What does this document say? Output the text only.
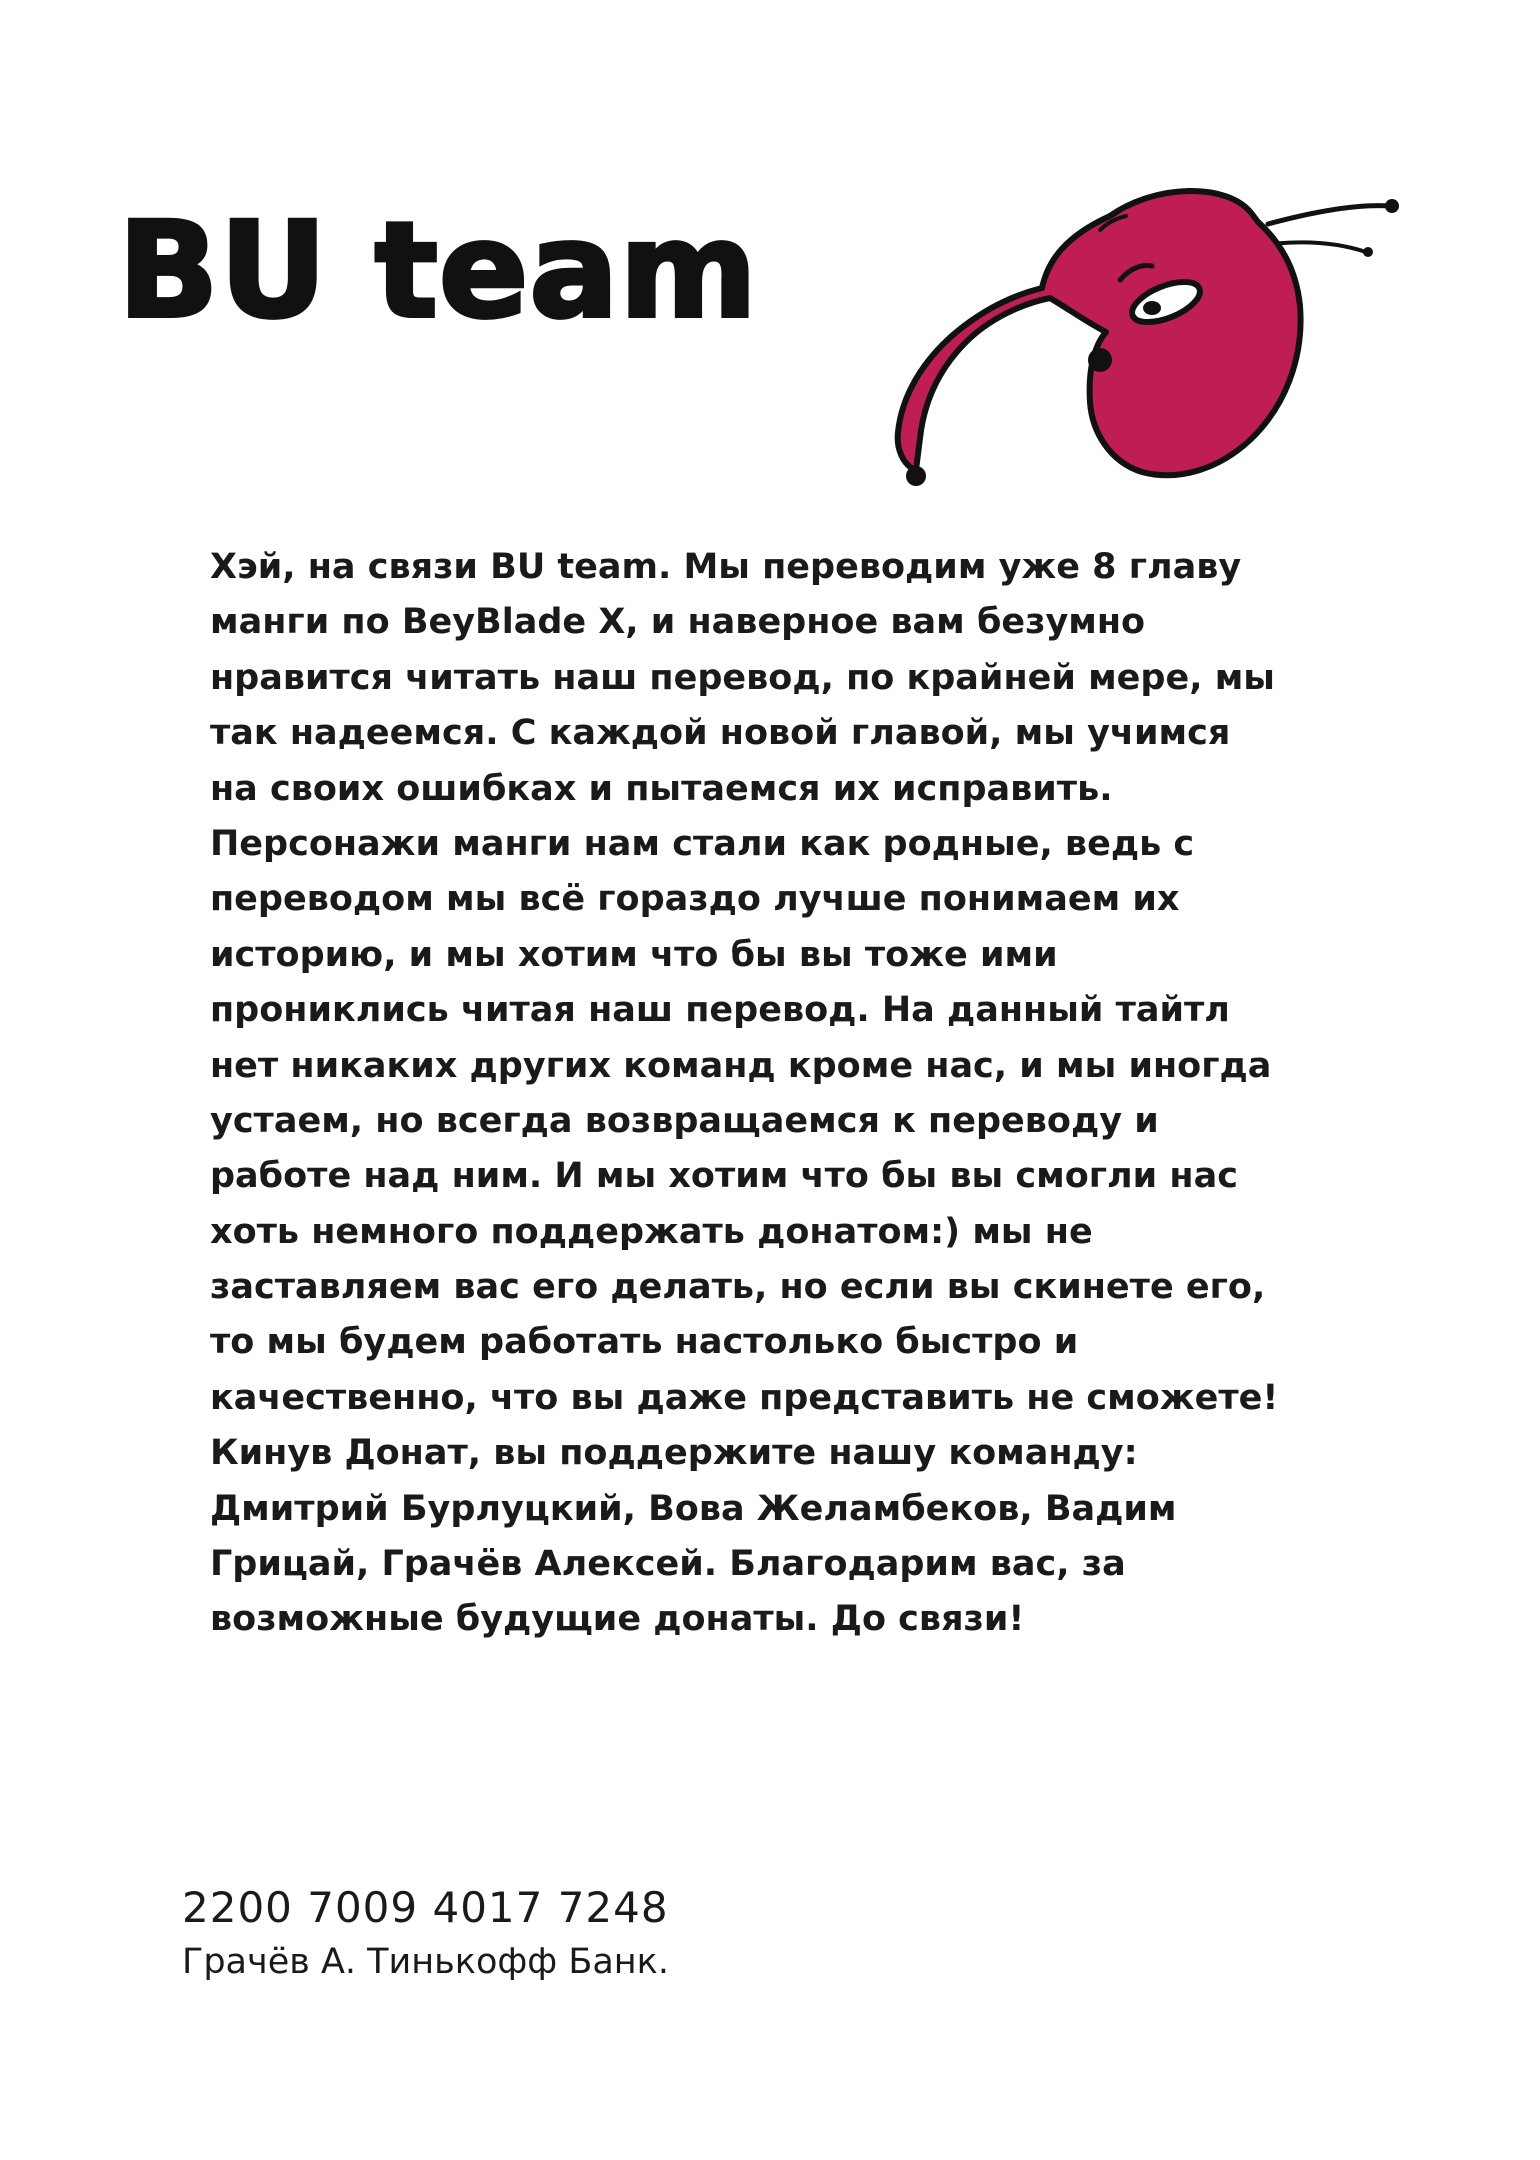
BU team
Хэй, на связи BU team. Мы переводим уже 8 главу
манги по BeyBlade X, и наверное вам безумно
нравится читать наш перевод, по крайней мере, мы
так надеемся. С каждой новой главой, мы учимся
на своих ошибках и пытаемся их исправить.
Персонажи манги нам стали как родные, ведь с
переводом мы всё гораздо лучше понимаем их
историю, и мы хотим что бы вы тоже ими
прониклись читая наш перевод. На данный тайтл
нет никаких других команд кроме нас, и мы иногда
устаем, но всегда возвращаемся к переводу и
работе над ним. И мы хотим что бы вы смогли нас
хоть немного поддержать донатом:) мы не
заставляем вас его делать, но если вы скинете его,
то мы будем работать настолько быстро и
качественно, что вы даже представить не сможете!
Кинув Донат, вы поддержите нашу команду:
Дмитрий Бурлуцкий, Вова Желамбеков, Вадим
Грицай, Грачёв Алексей. Благодарим вас, за
возможные будущие донаты. До связи!
2200 7009 4017 7248
Грачёв А. Тинькофф Банк.
